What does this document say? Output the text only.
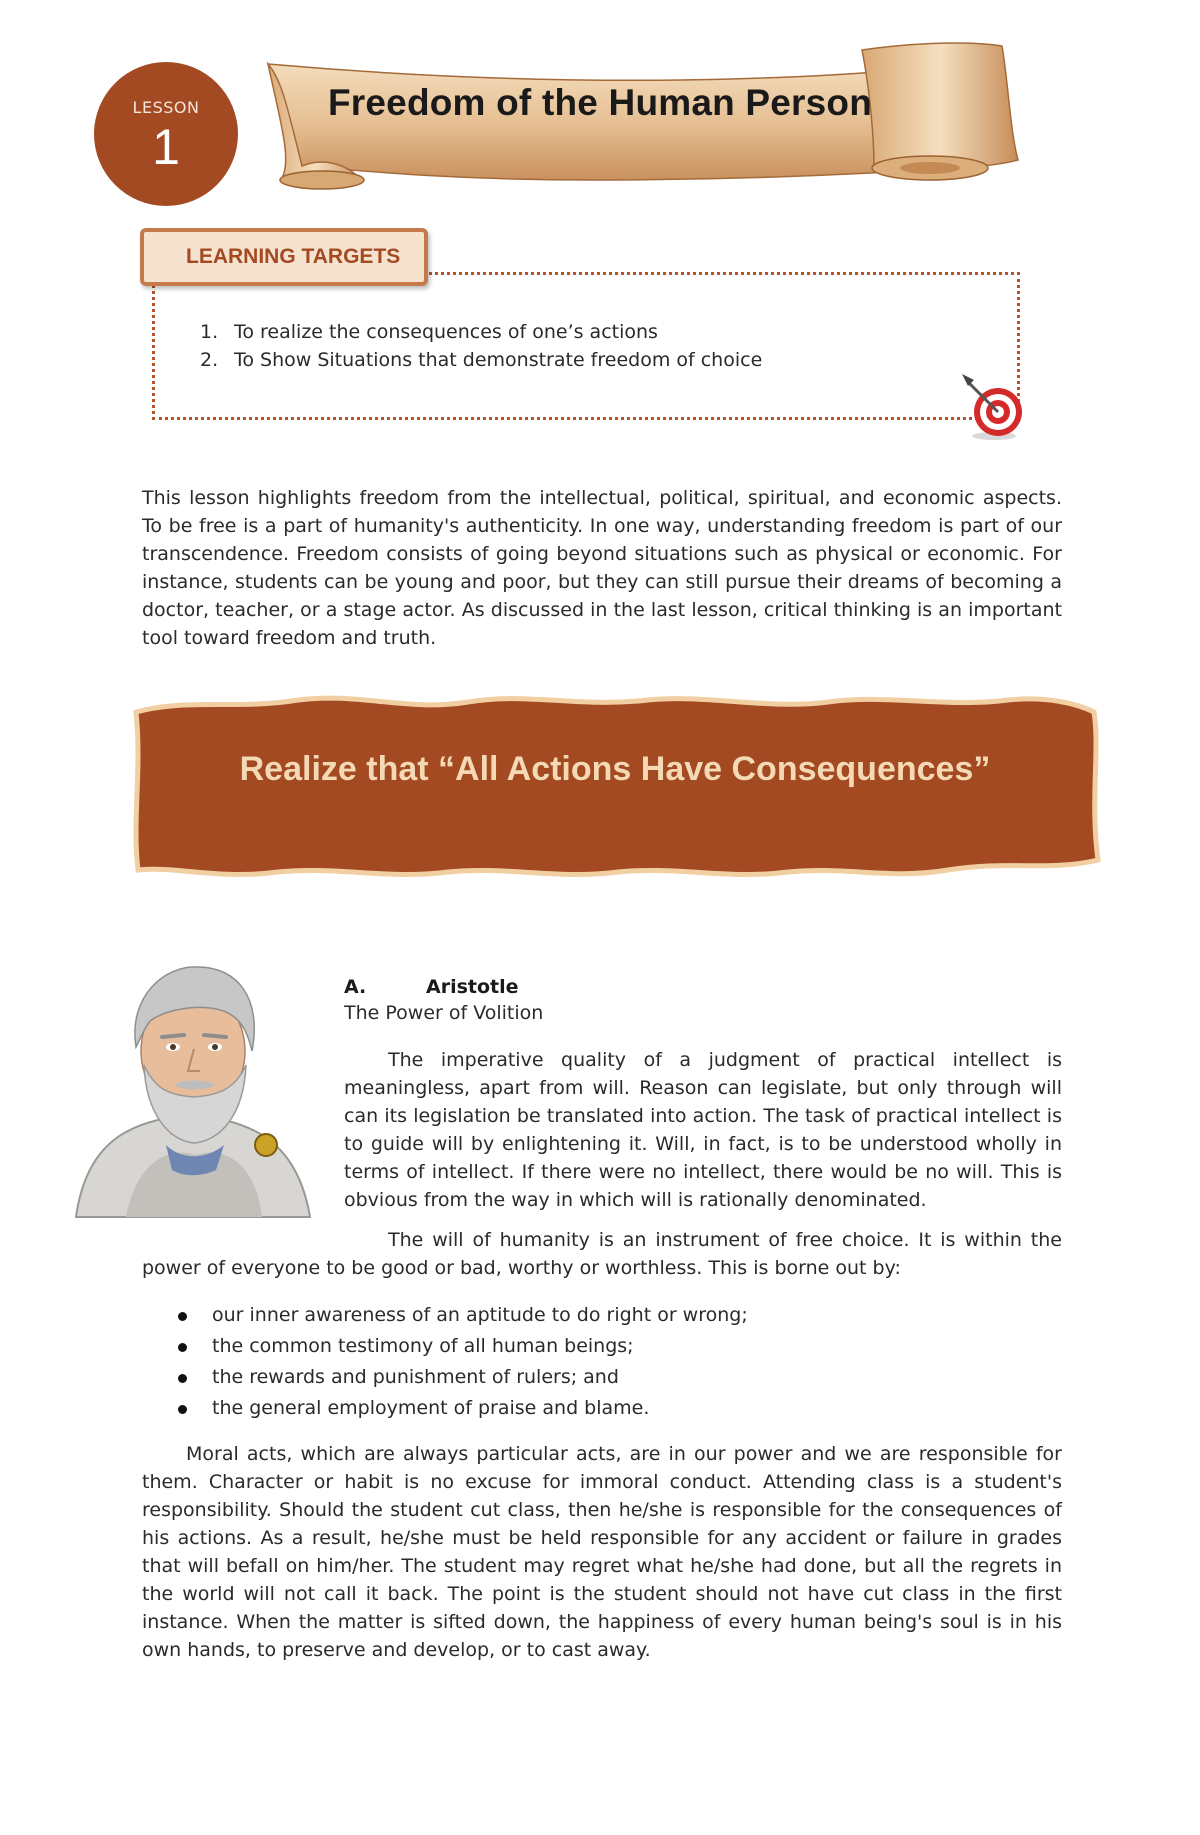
LESSON
1
Freedom of the Human Person
LEARNING TARGETS
1. To realize the consequences of one’s actions
2. To Show Situations that demonstrate freedom of choice
This lesson highlights freedom from the intellectual, political, spiritual, and economic aspects. To be free is a part of humanity's authenticity. In one way, understanding freedom is part of our transcendence. Freedom consists of going beyond situations such as physical or economic. For instance, students can be young and poor, but they can still pursue their dreams of becoming a doctor, teacher, or a stage actor. As discussed in the last lesson, critical thinking is an important tool toward freedom and truth.
Realize that “All Actions Have Consequences”
A.	Aristotle
The Power of Volition
The imperative quality of a judgment of practical intellect is meaningless, apart from will. Reason can legislate, but only through will can its legislation be translated into action. The task of practical intellect is to guide will by enlightening it. Will, in fact, is to be understood wholly in terms of intellect. If there were no intellect, there would be no will. This is obvious from the way in which will is rationally denominated.
The will of humanity is an instrument of free choice. It is within the power of everyone to be good or bad, worthy or worthless. This is borne out by:
our inner awareness of an aptitude to do right or wrong;
the common testimony of all human beings;
the rewards and punishment of rulers; and
the general employment of praise and blame.
Moral acts, which are always particular acts, are in our power and we are responsible for them. Character or habit is no excuse for immoral conduct. Attending class is a student's responsibility. Should the student cut class, then he/she is responsible for the consequences of his actions. As a result, he/she must be held responsible for any accident or failure in grades that will befall on him/her. The student may regret what he/she had done, but all the regrets in the world will not call it back. The point is the student should not have cut class in the first instance. When the matter is sifted down, the happiness of every human being's soul is in his own hands, to preserve and develop, or to cast away.
